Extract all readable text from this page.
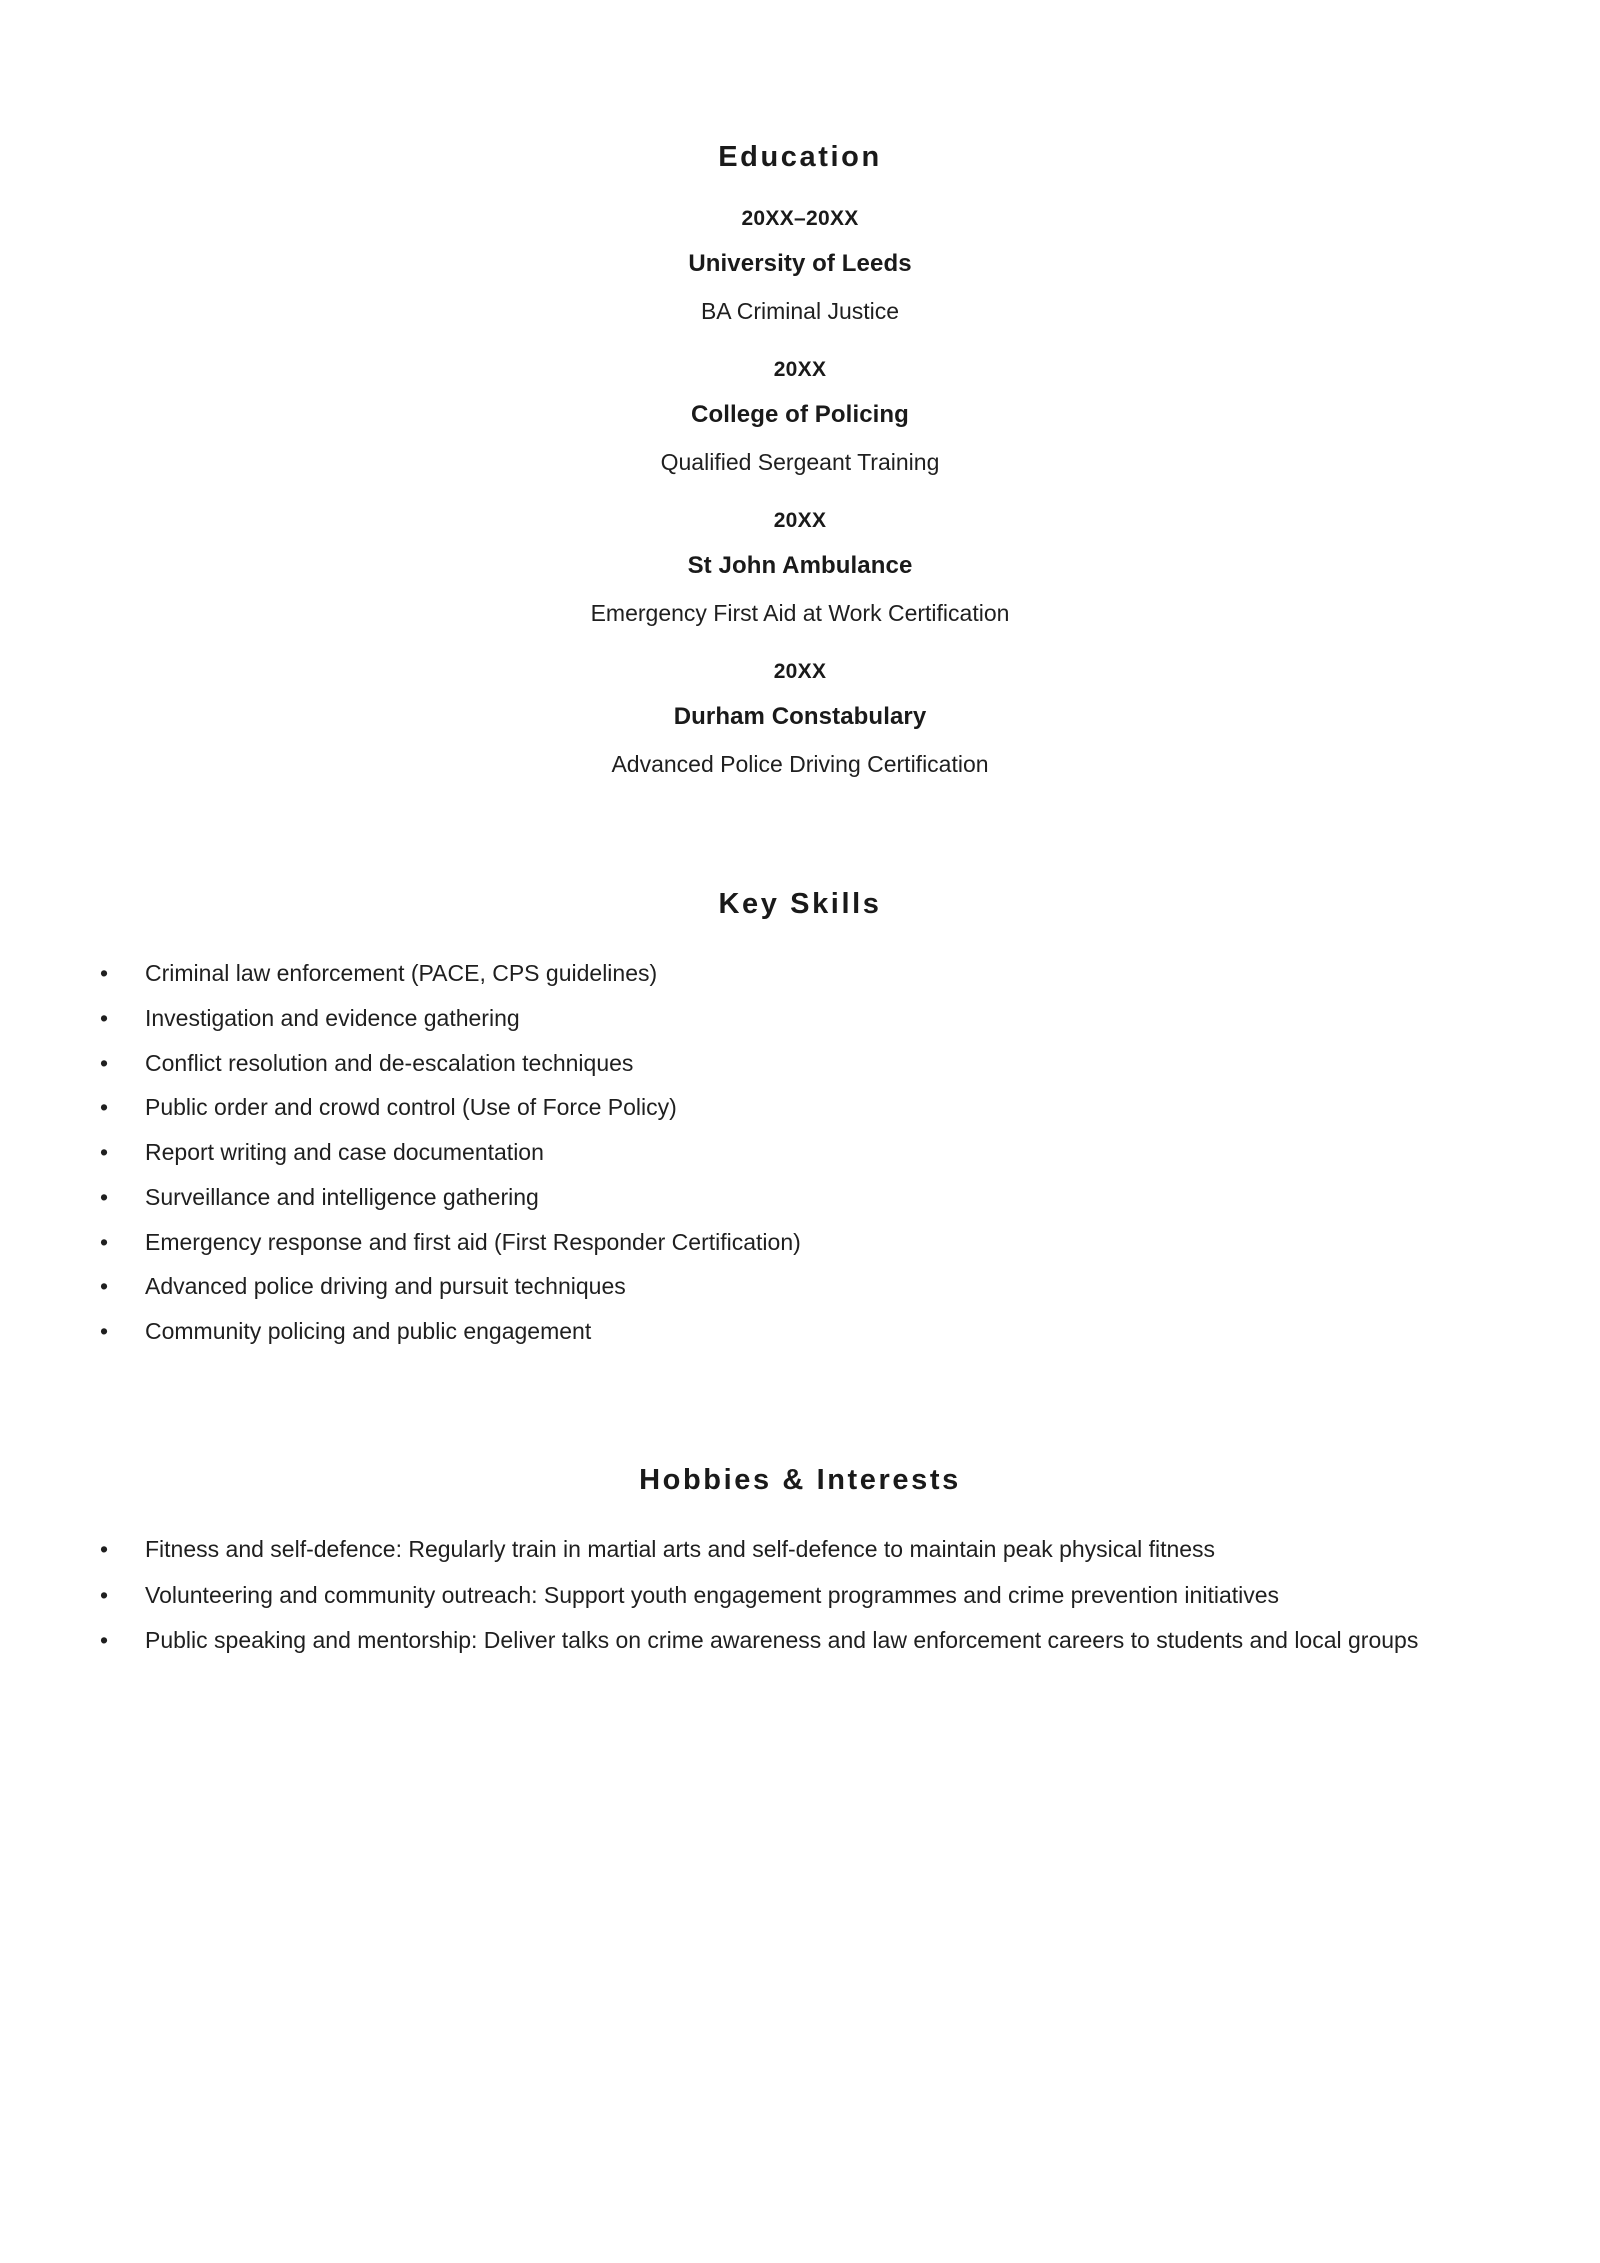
Education
20XX–20XX
University of Leeds
BA Criminal Justice
20XX
College of Policing
Qualified Sergeant Training
20XX
St John Ambulance
Emergency First Aid at Work Certification
20XX
Durham Constabulary
Advanced Police Driving Certification
Key Skills
• Criminal law enforcement (PACE, CPS guidelines)
• Investigation and evidence gathering
• Conflict resolution and de-escalation techniques
• Public order and crowd control (Use of Force Policy)
• Report writing and case documentation
• Surveillance and intelligence gathering
• Emergency response and first aid (First Responder Certification)
• Advanced police driving and pursuit techniques
• Community policing and public engagement
Hobbies & Interests
• Fitness and self-defence: Regularly train in martial arts and self-defence to maintain peak physical fitness
• Volunteering and community outreach: Support youth engagement programmes and crime prevention initiatives
• Public speaking and mentorship: Deliver talks on crime awareness and law enforcement careers to students and local groups
